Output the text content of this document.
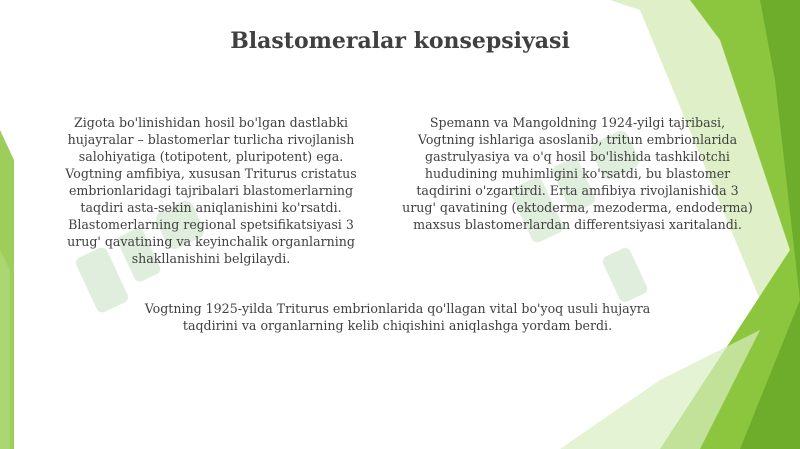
Blastomeralar konsepsiyasi

Zigota bo'linishidan hosil bo'lgan dastlabki hujayralar – blastomerlar turlicha rivojlanish salohiyatiga (totipotent, pluripotent) ega. Vogtning amfibiya, xususan Triturus cristatus embrionlaridagi tajribalari blastomerlarning taqdiri asta-sekin aniqlanishini ko'rsatdi. Blastomerlarning regional spetsifikatsiyasi 3 urug' qavatining va keyinchalik organlarning shakllanishini belgilaydi.

Spemann va Mangoldning 1924-yilgi tajribasi, Vogtning ishlariga asoslanib, tritun embrionlarida gastrulyasiya va o'q hosil bo'lishida tashkilotchi hududining muhimligini ko'rsatdi, bu blastomer taqdirini o'zgartirdi. Erta amfibiya rivojlanishida 3 urug' qavatining (ektoderma, mezoderma, endoderma) maxsus blastomerlardan differentsiyasi xaritalandi.

Vogtning 1925-yilda Triturus embrionlarida qo'llagan vital bo'yoq usuli hujayra taqdirini va organlarning kelib chiqishini aniqlashga yordam berdi.
